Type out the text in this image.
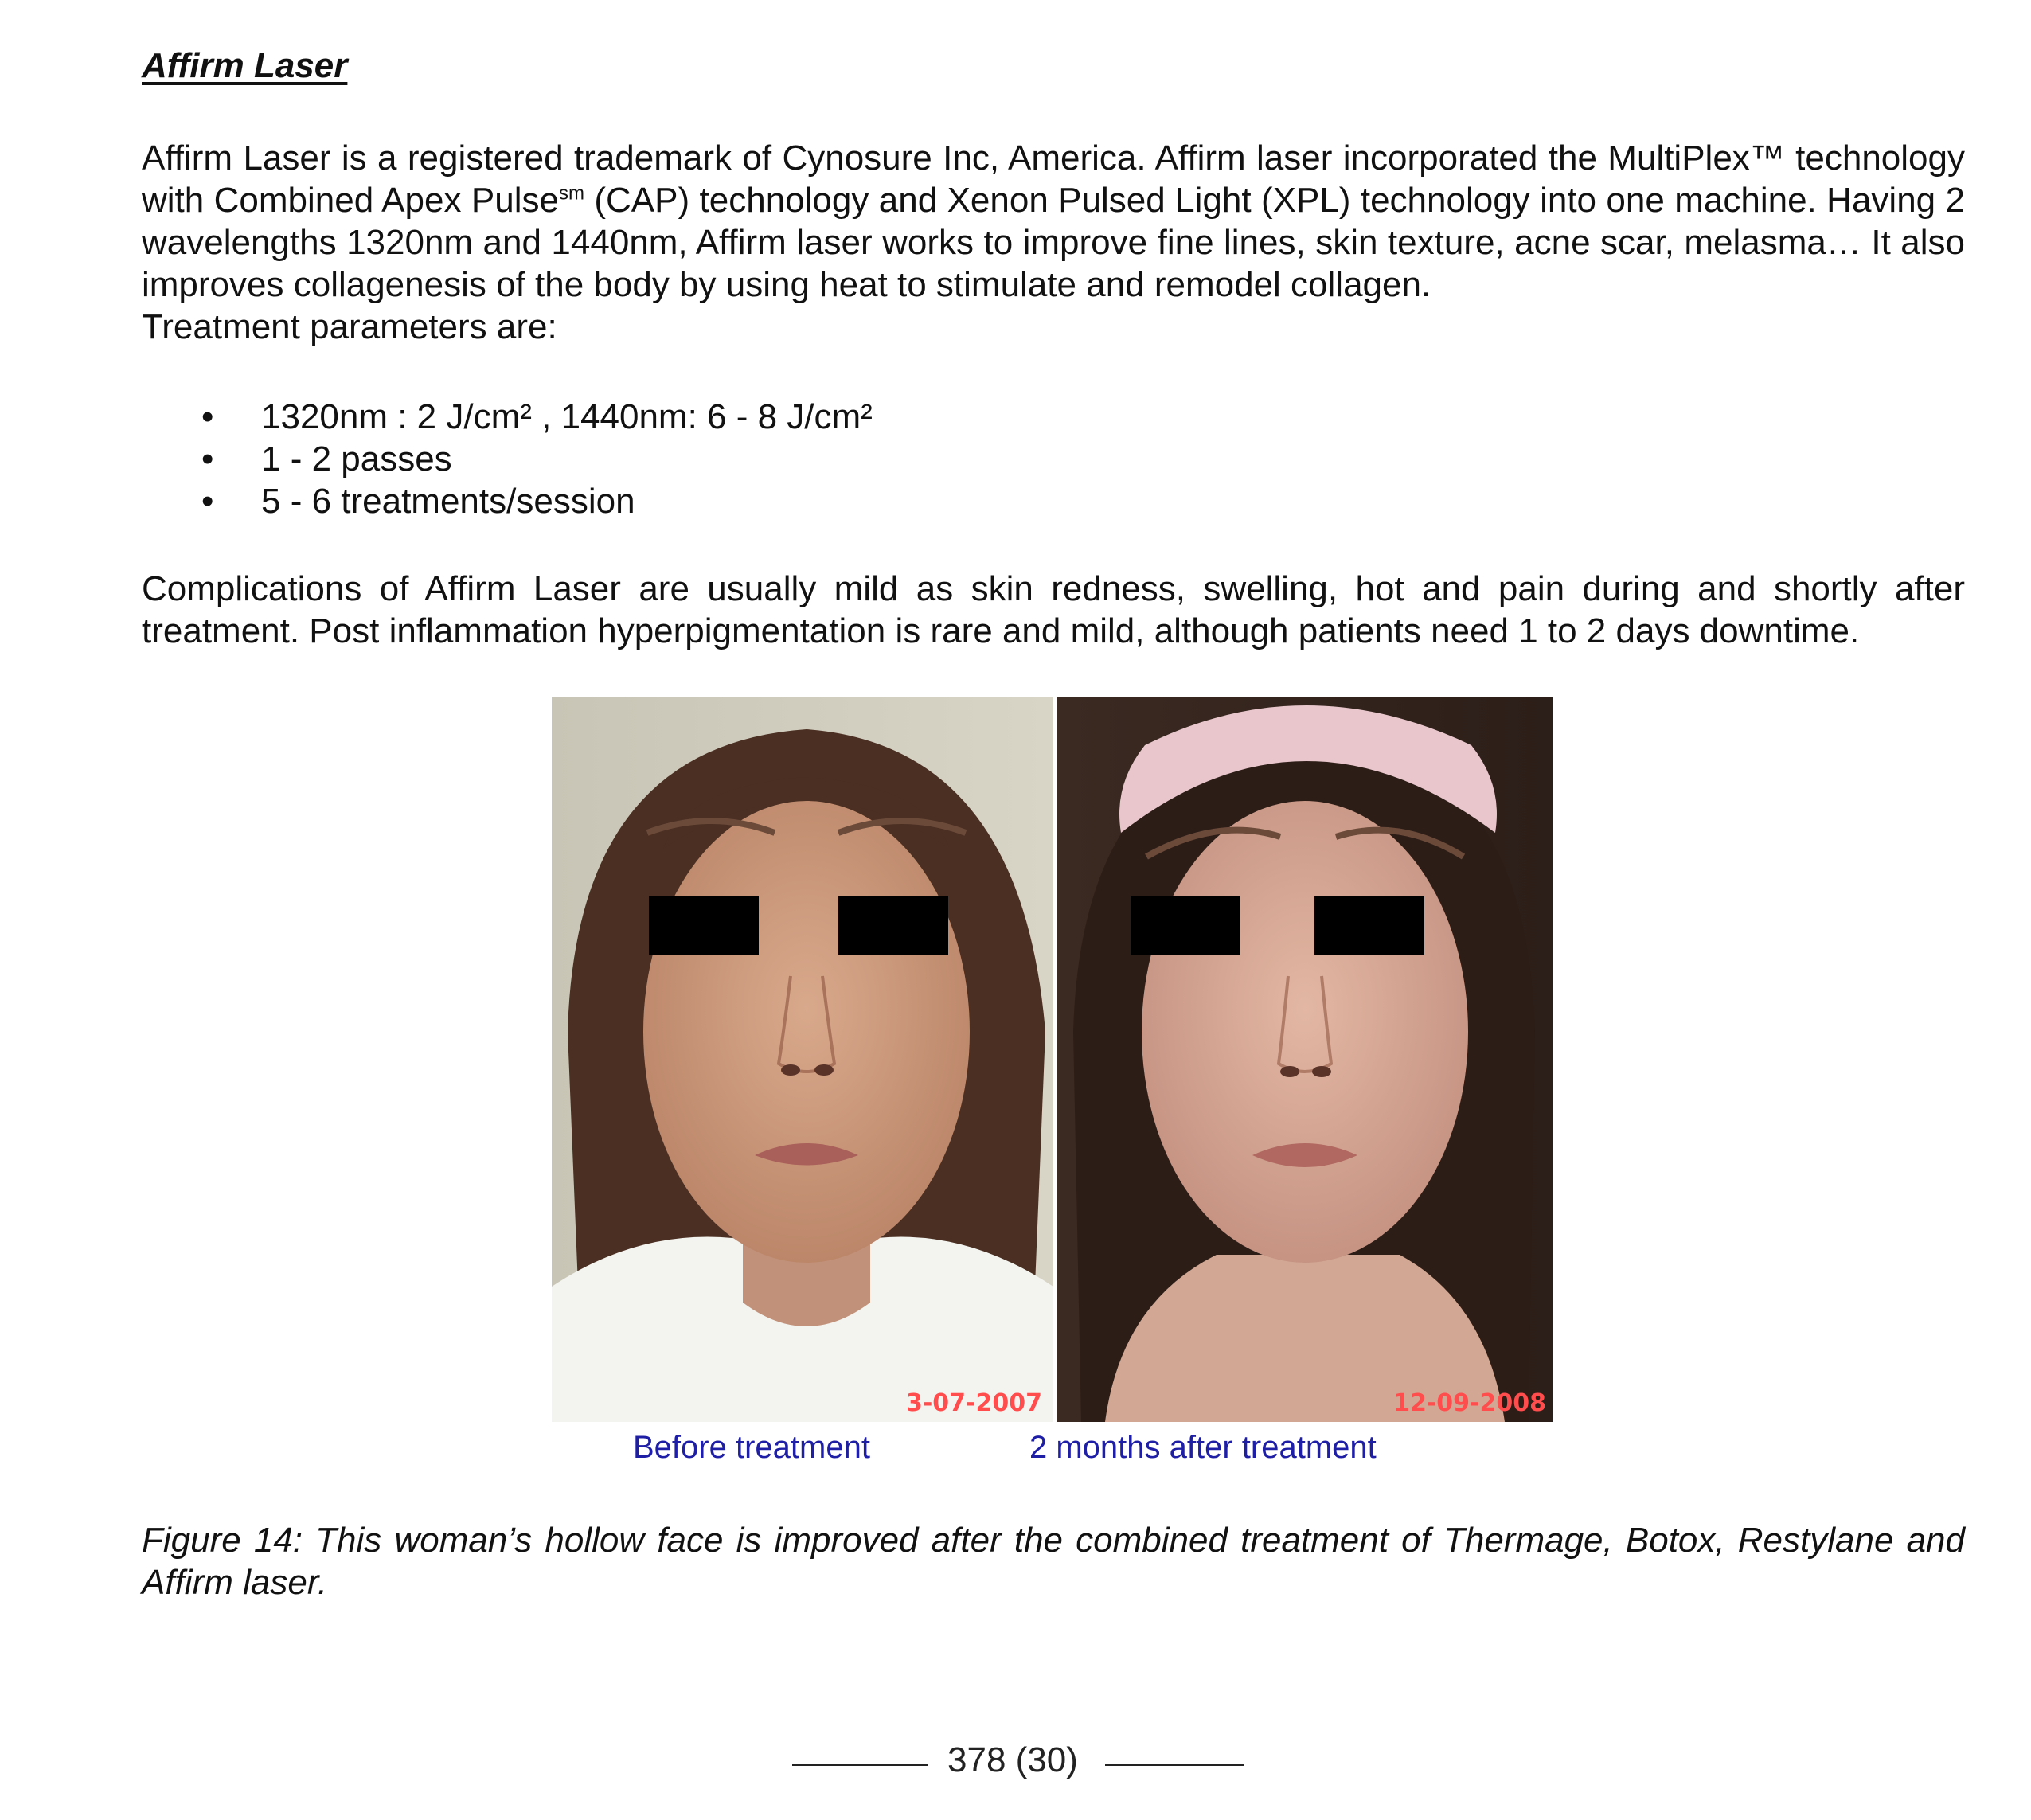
Affirm Laser

Affirm Laser is a registered trademark of Cynosure Inc, America. Affirm laser incorporated the MultiPlex™ technology with Combined Apex Pulse$^{sm}$ (CAP) technology and Xenon Pulsed Light (XPL) technology into one machine. Having 2 wavelengths 1320nm and 1440nm, Affirm laser works to improve fine lines, skin texture, acne scar, melasma… It also improves collagenesis of the body by using heat to stimulate and remodel collagen.
Treatment parameters are:

• 1320nm : 2 J/cm² , 1440nm: 6 - 8 J/cm²
• 1 - 2 passes
• 5 - 6 treatments/session

Complications of Affirm Laser are usually mild as skin redness, swelling, hot and pain during and shortly after treatment. Post inflammation hyperpigmentation is rare and mild, although patients need 1 to 2 days downtime.

3-07-2007	12-09-2008

Before treatment	2 months after treatment

Figure 14: This woman’s hollow face is improved after the combined treatment of Thermage, Botox, Restylane and Affirm laser.

378 (30)
